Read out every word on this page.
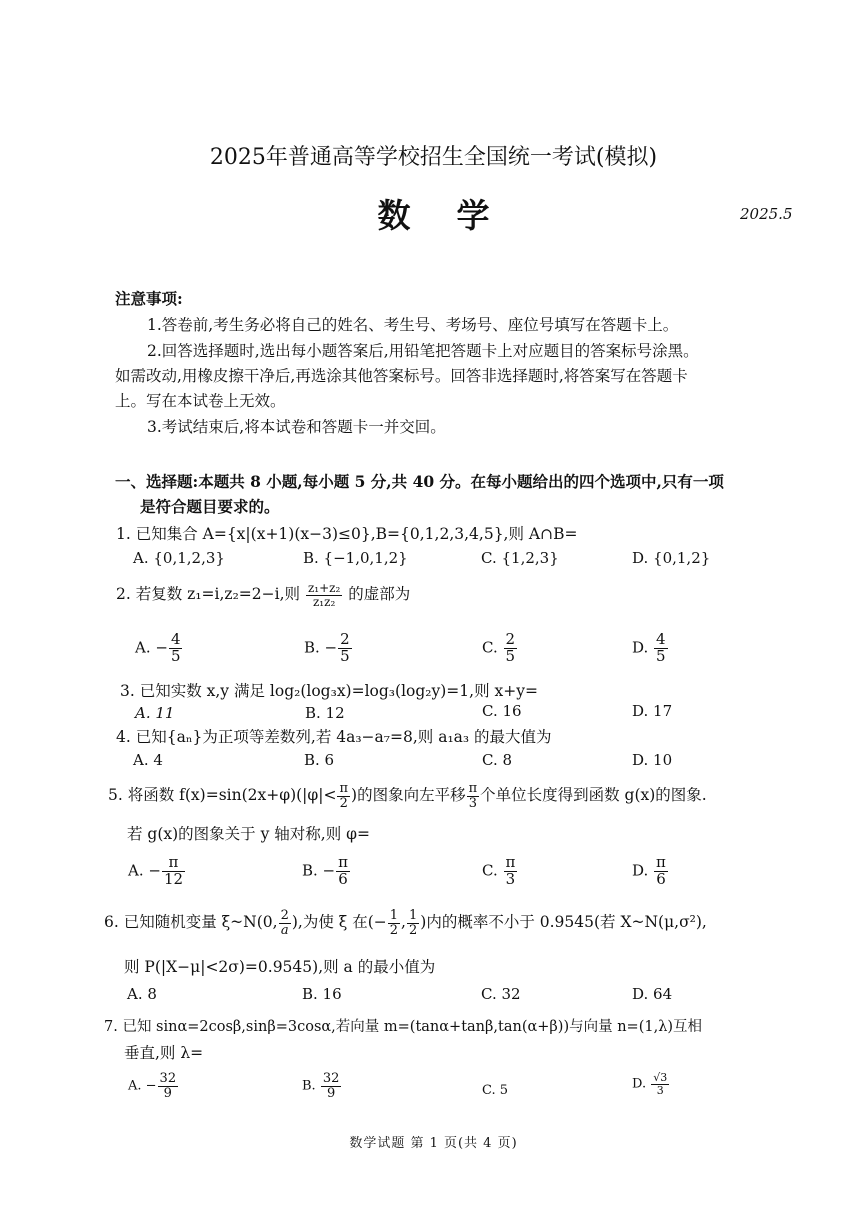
2025年普通高等学校招生全国统一考试(模拟)
数学	2025.5
注意事项:
1.答卷前,考生务必将自己的姓名、考生号、考场号、座位号填写在答题卡上。
2.回答选择题时,选出每小题答案后,用铅笔把答题卡上对应题目的答案标号涂黑。
如需改动,用橡皮擦干净后,再选涂其他答案标号。回答非选择题时,将答案写在答题卡
上。写在本试卷上无效。
3.考试结束后,将本试卷和答题卡一并交回。
一、选择题:本题共 8 小题,每小题 5 分,共 40 分。在每小题给出的四个选项中,只有一项
是符合题目要求的。
1. 已知集合 A={x|(x+1)(x−3)≤0},B={0,1,2,3,4,5},则 A∩B=
A. {0,1,2,3}	B. {−1,0,1,2}	C. {1,2,3}	D. {0,1,2}
2. 若复数 z₁=i,z₂=2−i,则 $\frac{\text{z₁+z₂}}{\text{z₁z₂}}$ 的虚部为
A. − $\frac{4}{5}$	B. − $\frac{2}{5}$	C. $\frac{2}{5}$	D. $\frac{4}{5}$
3. 已知实数 x,y 满足 log₂(log₃x)=log₃(log₂y)=1,则 x+y=
A. 11	B. 12	C. 16	D. 17
4. 已知{aₙ}为正项等差数列,若 4a₃−a₇=8,则 a₁a₃ 的最大值为
A. 4	B. 6	C. 8	D. 10
5. 将函数 $f(x)=\sin(2x+\varphi)(|\varphi|< \frac{\pi}{2}$ )的图象向左平移 $\frac{\pi}{3}$ 个单位长度得到函数 g(x)的图象.
若 g(x)的图象关于 y 轴对称,则 φ=
A. − $\frac{\pi}{12}$	B. − $\frac{\pi}{6}$	C. $\frac{\pi}{3}$	D. $\frac{\pi}{6}$
6. 已知随机变量 ξ~N(0, $\frac{2}{a}$ ),为使 ξ 在(− $\frac{1}{2}$ , $\frac{1}{2}$ )内的概率不小于 0.9545(若 X~N(μ,σ²),
则 P(|X−μ|<2σ)=0.9545),则 a 的最小值为
A. 8	B. 16	C. 32	D. 64
7. 已知 sinα=2cosβ,sinβ=3cosα,若向量 m=(tanα+tanβ,tan(α+β))与向量 n=(1,λ)互相
垂直,则 λ=
A. − $\frac{32}{9}$	B. $\frac{32}{9}$	C. 5	D. $\frac{√3}{3}$
数学试题 第 1 页(共 4 页)
